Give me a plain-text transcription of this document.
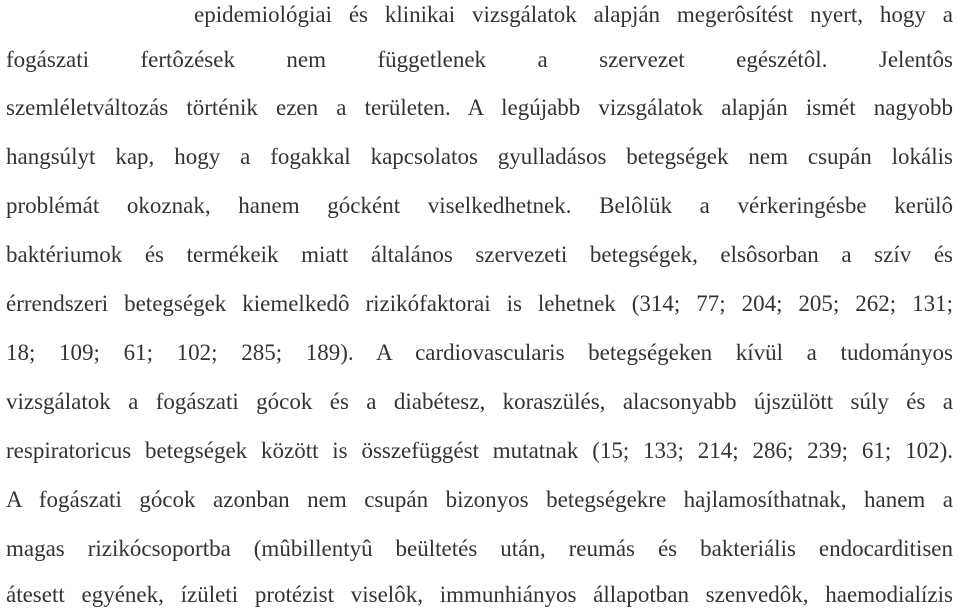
epidemiológiai és klinikai vizsgálatok alapján megerôsítést nyert, hogy a
fogászati fertôzések nem függetlenek a szervezet egészétôl. Jelentôs
szemléletváltozás történik ezen a területen. A legújabb vizsgálatok alapján ismét nagyobb
hangsúlyt kap, hogy a fogakkal kapcsolatos gyulladásos betegségek nem csupán lokális
problémát okoznak, hanem gócként viselkedhetnek. Belôlük a vérkeringésbe kerülô
baktériumok és termékeik miatt általános szervezeti betegségek, elsôsorban a szív és
érrendszeri betegségek kiemelkedô rizikófaktorai is lehetnek (314; 77; 204; 205; 262; 131;
18; 109; 61; 102; 285; 189). A cardiovascularis betegségeken kívül a tudományos
vizsgálatok a fogászati gócok és a diabétesz, koraszülés, alacsonyabb újszülött súly és a
respiratoricus betegségek között is összefüggést mutatnak (15; 133; 214; 286; 239; 61; 102).
A fogászati gócok azonban nem csupán bizonyos betegségekre hajlamosíthatnak, hanem a
magas rizikócsoportba (mûbillentyû beültetés után, reumás és bakteriális endocarditisen
átesett egyének, ízületi protézist viselôk, immunhiányos állapotban szenvedôk, haemodialízis
